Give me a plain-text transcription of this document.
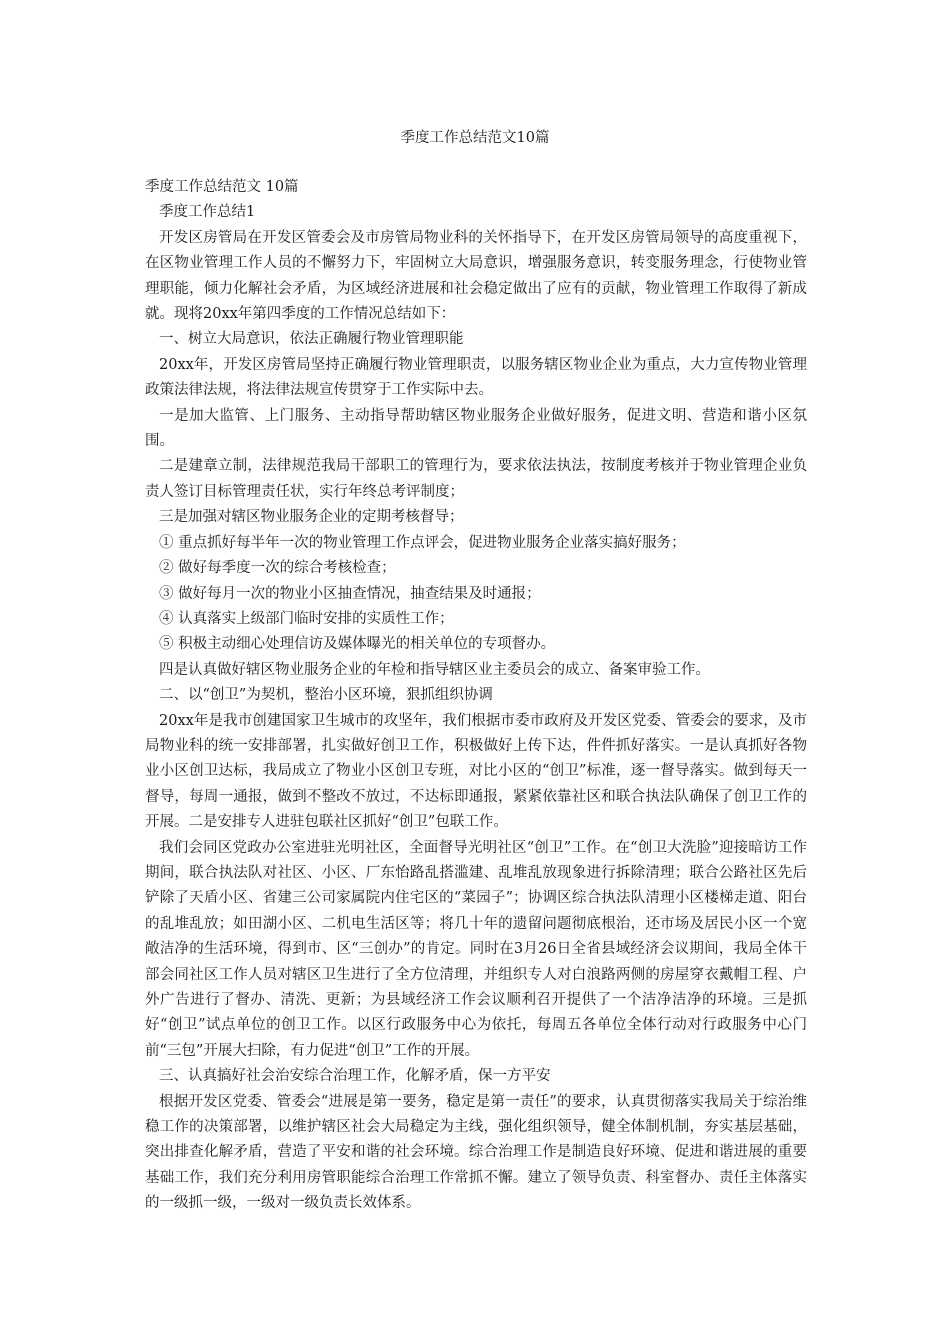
季度工作总结范文10篇

季度工作总结范文 10篇

季度工作总结1

开发区房管局在开发区管委会及市房管局物业科的关怀指导下，在开发区房管局领导的高度重视下，在区物业管理工作人员的不懈努力下，牢固树立大局意识，增强服务意识，转变服务理念，行使物业管理职能，倾力化解社会矛盾，为区域经济进展和社会稳定做出了应有的贡献，物业管理工作取得了新成就。现将20xx年第四季度的工作情况总结如下：

一、树立大局意识，依法正确履行物业管理职能

20xx年，开发区房管局坚持正确履行物业管理职责，以服务辖区物业企业为重点，大力宣传物业管理政策法律法规，将法律法规宣传贯穿于工作实际中去。

一是加大监管、上门服务、主动指导帮助辖区物业服务企业做好服务，促进文明、营造和谐小区氛围。

二是建章立制，法律规范我局干部职工的管理行为，要求依法执法，按制度考核并于物业管理企业负责人签订目标管理责任状，实行年终总考评制度；

三是加强对辖区物业服务企业的定期考核督导；

① 重点抓好每半年一次的物业管理工作点评会，促进物业服务企业落实搞好服务；

② 做好每季度一次的综合考核检查；

③ 做好每月一次的物业小区抽查情况，抽查结果及时通报；

④ 认真落实上级部门临时安排的实质性工作；

⑤ 积极主动细心处理信访及媒体曝光的相关单位的专项督办。

四是认真做好辖区物业服务企业的年检和指导辖区业主委员会的成立、备案审验工作。

二、以“创卫”为契机，整治小区环境，狠抓组织协调

20xx年是我市创建国家卫生城市的攻坚年，我们根据市委市政府及开发区党委、管委会的要求，及市局物业科的统一安排部署，扎实做好创卫工作，积极做好上传下达，件件抓好落实。一是认真抓好各物业小区创卫达标，我局成立了物业小区创卫专班，对比小区的“创卫”标准，逐一督导落实。做到每天一督导，每周一通报，做到不整改不放过，不达标即通报，紧紧依靠社区和联合执法队确保了创卫工作的开展。二是安排专人进驻包联社区抓好“创卫”包联工作。

我们会同区党政办公室进驻光明社区，全面督导光明社区“创卫”工作。在“创卫大洗脸”迎接暗访工作期间，联合执法队对社区、小区、厂东怡路乱搭滥建、乱堆乱放现象进行拆除清理；联合公路社区先后铲除了天盾小区、省建三公司家属院内住宅区的“菜园子”；协调区综合执法队清理小区楼梯走道、阳台的乱堆乱放；如田湖小区、二机电生活区等；将几十年的遗留问题彻底根治，还市场及居民小区一个宽敞洁净的生活环境，得到市、区“三创办”的肯定。同时在3月26日全省县域经济会议期间，我局全体干部会同社区工作人员对辖区卫生进行了全方位清理，并组织专人对白浪路两侧的房屋穿衣戴帽工程、户外广告进行了督办、清洗、更新；为县域经济工作会议顺利召开提供了一个洁净洁净的环境。三是抓好“创卫”试点单位的创卫工作。以区行政服务中心为依托，每周五各单位全体行动对行政服务中心门前“三包”开展大扫除，有力促进“创卫”工作的开展。

三、认真搞好社会治安综合治理工作，化解矛盾，保一方平安

根据开发区党委、管委会“进展是第一要务，稳定是第一责任”的要求，认真贯彻落实我局关于综治维稳工作的决策部署，以维护辖区社会大局稳定为主线，强化组织领导，健全体制机制，夯实基层基础，突出排查化解矛盾，营造了平安和谐的社会环境。综合治理工作是制造良好环境、促进和谐进展的重要基础工作，我们充分利用房管职能综合治理工作常抓不懈。建立了领导负责、科室督办、责任主体落实的一级抓一级，一级对一级负责长效体系。
